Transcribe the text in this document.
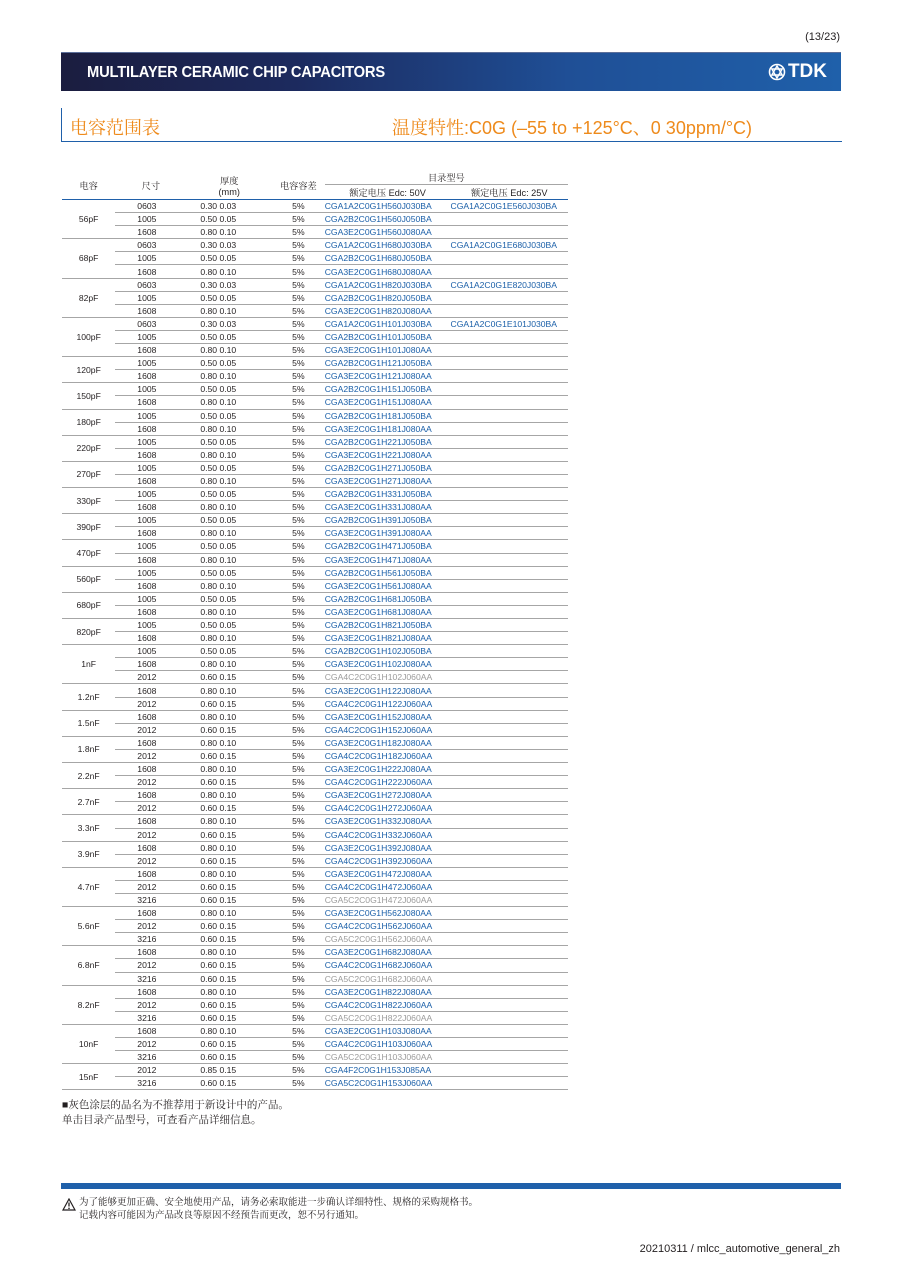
(13/23)
MULTILAYER CERAMIC CHIP CAPACITORS	TDK
电容范围表	温度特性:C0G (–55 to +125°C、0 30ppm/°C)
电容	尺寸	厚度
(mm)	电容容差	目录型号	
				额定电压 Edc: 50V	额定电压 Edc: 25V
56pF	0603	0.30 0.03	5%	CGA1A2C0G1H560J030BA	CGA1A2C0G1E560J030BA
	1005	0.50 0.05	5%	CGA2B2C0G1H560J050BA	
	1608	0.80 0.10	5%	CGA3E2C0G1H560J080AA	
68pF	0603	0.30 0.03	5%	CGA1A2C0G1H680J030BA	CGA1A2C0G1E680J030BA
	1005	0.50 0.05	5%	CGA2B2C0G1H680J050BA	
	1608	0.80 0.10	5%	CGA3E2C0G1H680J080AA	
82pF	0603	0.30 0.03	5%	CGA1A2C0G1H820J030BA	CGA1A2C0G1E820J030BA
	1005	0.50 0.05	5%	CGA2B2C0G1H820J050BA	
	1608	0.80 0.10	5%	CGA3E2C0G1H820J080AA	
100pF	0603	0.30 0.03	5%	CGA1A2C0G1H101J030BA	CGA1A2C0G1E101J030BA
	1005	0.50 0.05	5%	CGA2B2C0G1H101J050BA	
	1608	0.80 0.10	5%	CGA3E2C0G1H101J080AA	
120pF	1005	0.50 0.05	5%	CGA2B2C0G1H121J050BA	
	1608	0.80 0.10	5%	CGA3E2C0G1H121J080AA	
150pF	1005	0.50 0.05	5%	CGA2B2C0G1H151J050BA	
	1608	0.80 0.10	5%	CGA3E2C0G1H151J080AA	
180pF	1005	0.50 0.05	5%	CGA2B2C0G1H181J050BA	
	1608	0.80 0.10	5%	CGA3E2C0G1H181J080AA	
220pF	1005	0.50 0.05	5%	CGA2B2C0G1H221J050BA	
	1608	0.80 0.10	5%	CGA3E2C0G1H221J080AA	
270pF	1005	0.50 0.05	5%	CGA2B2C0G1H271J050BA	
	1608	0.80 0.10	5%	CGA3E2C0G1H271J080AA	
330pF	1005	0.50 0.05	5%	CGA2B2C0G1H331J050BA	
	1608	0.80 0.10	5%	CGA3E2C0G1H331J080AA	
390pF	1005	0.50 0.05	5%	CGA2B2C0G1H391J050BA	
	1608	0.80 0.10	5%	CGA3E2C0G1H391J080AA	
470pF	1005	0.50 0.05	5%	CGA2B2C0G1H471J050BA	
	1608	0.80 0.10	5%	CGA3E2C0G1H471J080AA	
560pF	1005	0.50 0.05	5%	CGA2B2C0G1H561J050BA	
	1608	0.80 0.10	5%	CGA3E2C0G1H561J080AA	
680pF	1005	0.50 0.05	5%	CGA2B2C0G1H681J050BA	
	1608	0.80 0.10	5%	CGA3E2C0G1H681J080AA	
820pF	1005	0.50 0.05	5%	CGA2B2C0G1H821J050BA	
	1608	0.80 0.10	5%	CGA3E2C0G1H821J080AA	
1nF	1005	0.50 0.05	5%	CGA2B2C0G1H102J050BA	
	1608	0.80 0.10	5%	CGA3E2C0G1H102J080AA	
	2012	0.60 0.15	5%	CGA4C2C0G1H102J060AA	
1.2nF	1608	0.80 0.10	5%	CGA3E2C0G1H122J080AA	
	2012	0.60 0.15	5%	CGA4C2C0G1H122J060AA	
1.5nF	1608	0.80 0.10	5%	CGA3E2C0G1H152J080AA	
	2012	0.60 0.15	5%	CGA4C2C0G1H152J060AA	
1.8nF	1608	0.80 0.10	5%	CGA3E2C0G1H182J080AA	
	2012	0.60 0.15	5%	CGA4C2C0G1H182J060AA	
2.2nF	1608	0.80 0.10	5%	CGA3E2C0G1H222J080AA	
	2012	0.60 0.15	5%	CGA4C2C0G1H222J060AA	
2.7nF	1608	0.80 0.10	5%	CGA3E2C0G1H272J080AA	
	2012	0.60 0.15	5%	CGA4C2C0G1H272J060AA	
3.3nF	1608	0.80 0.10	5%	CGA3E2C0G1H332J080AA	
	2012	0.60 0.15	5%	CGA4C2C0G1H332J060AA	
3.9nF	1608	0.80 0.10	5%	CGA3E2C0G1H392J080AA	
	2012	0.60 0.15	5%	CGA4C2C0G1H392J060AA	
4.7nF	1608	0.80 0.10	5%	CGA3E2C0G1H472J080AA	
	2012	0.60 0.15	5%	CGA4C2C0G1H472J060AA	
	3216	0.60 0.15	5%	CGA5C2C0G1H472J060AA	
5.6nF	1608	0.80 0.10	5%	CGA3E2C0G1H562J080AA	
	2012	0.60 0.15	5%	CGA4C2C0G1H562J060AA	
	3216	0.60 0.15	5%	CGA5C2C0G1H562J060AA	
6.8nF	1608	0.80 0.10	5%	CGA3E2C0G1H682J080AA	
	2012	0.60 0.15	5%	CGA4C2C0G1H682J060AA	
	3216	0.60 0.15	5%	CGA5C2C0G1H682J060AA	
8.2nF	1608	0.80 0.10	5%	CGA3E2C0G1H822J080AA	
	2012	0.60 0.15	5%	CGA4C2C0G1H822J060AA	
	3216	0.60 0.15	5%	CGA5C2C0G1H822J060AA	
10nF	1608	0.80 0.10	5%	CGA3E2C0G1H103J080AA	
	2012	0.60 0.15	5%	CGA4C2C0G1H103J060AA	
	3216	0.60 0.15	5%	CGA5C2C0G1H103J060AA	
15nF	2012	0.85 0.15	5%	CGA4F2C0G1H153J085AA	
	3216	0.60 0.15	5%	CGA5C2C0G1H153J060AA	
■灰色涂层的品名为不推荐用于新设计中的产品。
单击目录产品型号，可查看产品详细信息。
为了能够更加正确、安全地使用产品，请务必索取能进一步确认详细特性、规格的采购规格书。
记载内容可能因为产品改良等原因不经预告而更改，恕不另行通知。
20210311 / mlcc_automotive_general_zh
